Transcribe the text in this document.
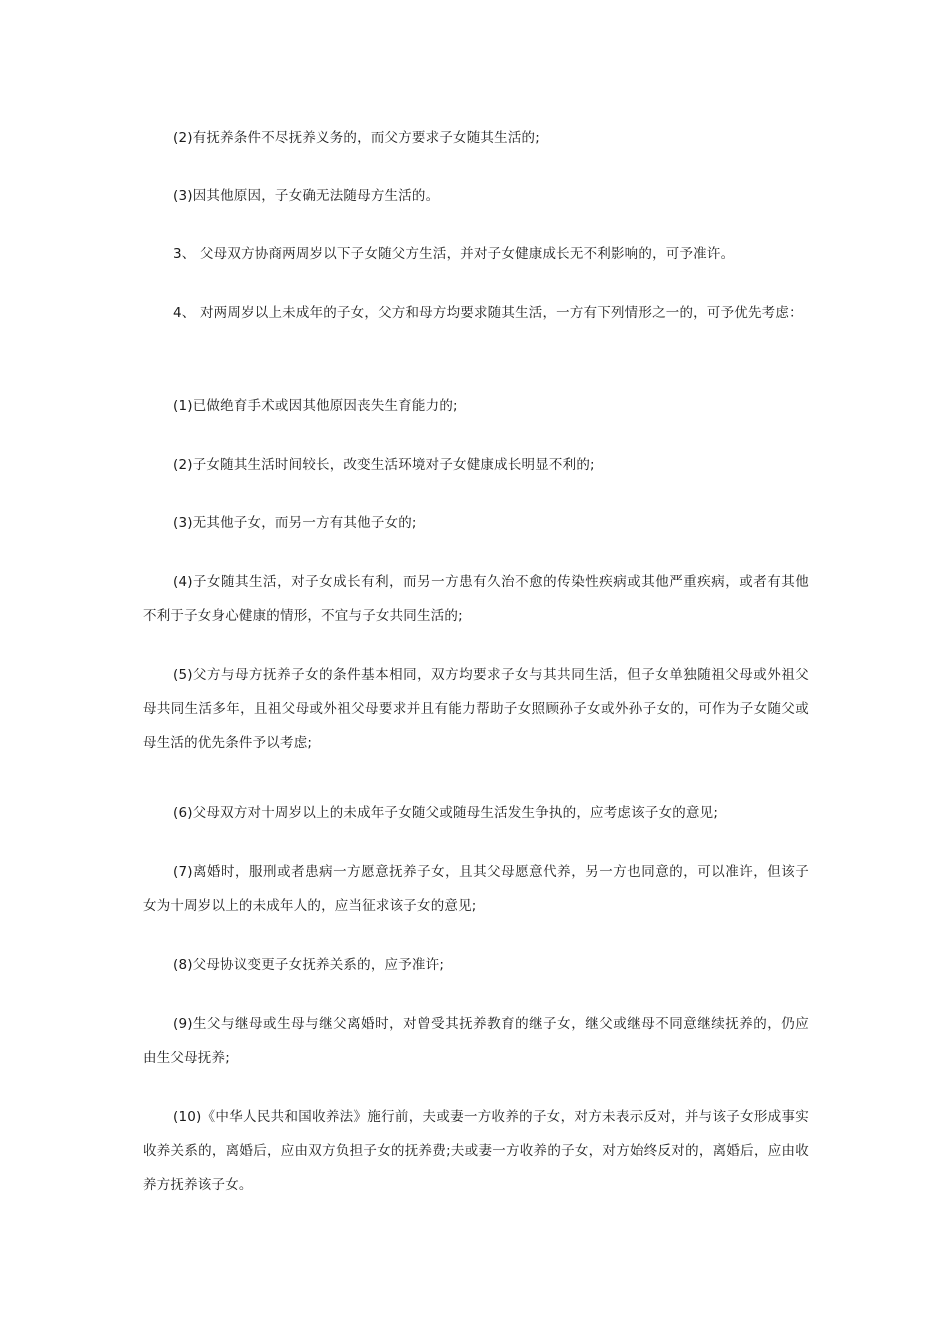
(2)有抚养条件不尽抚养义务的，而父方要求子女随其生活的;

(3)因其他原因，子女确无法随母方生活的。

3、 父母双方协商两周岁以下子女随父方生活，并对子女健康成长无不利影响的，可予准许。

4、 对两周岁以上未成年的子女，父方和母方均要求随其生活，一方有下列情形之一的，可予优先考虑：

(1)已做绝育手术或因其他原因丧失生育能力的;

(2)子女随其生活时间较长，改变生活环境对子女健康成长明显不利的;

(3)无其他子女，而另一方有其他子女的;

(4)子女随其生活，对子女成长有利，而另一方患有久治不愈的传染性疾病或其他严重疾病，或者有其他不利于子女身心健康的情形，不宜与子女共同生活的;

(5)父方与母方抚养子女的条件基本相同，双方均要求子女与其共同生活，但子女单独随祖父母或外祖父母共同生活多年，且祖父母或外祖父母要求并且有能力帮助子女照顾孙子女或外孙子女的，可作为子女随父或母生活的优先条件予以考虑;

(6)父母双方对十周岁以上的未成年子女随父或随母生活发生争执的，应考虑该子女的意见;

(7)离婚时，服刑或者患病一方愿意抚养子女，且其父母愿意代养，另一方也同意的，可以准许，但该子女为十周岁以上的未成年人的，应当征求该子女的意见;

(8)父母协议变更子女抚养关系的，应予准许;

(9)生父与继母或生母与继父离婚时，对曾受其抚养教育的继子女，继父或继母不同意继续抚养的，仍应由生父母抚养;

(10)《中华人民共和国收养法》施行前，夫或妻一方收养的子女，对方未表示反对，并与该子女形成事实收养关系的，离婚后，应由双方负担子女的抚养费;夫或妻一方收养的子女，对方始终反对的，离婚后，应由收养方抚养该子女。
